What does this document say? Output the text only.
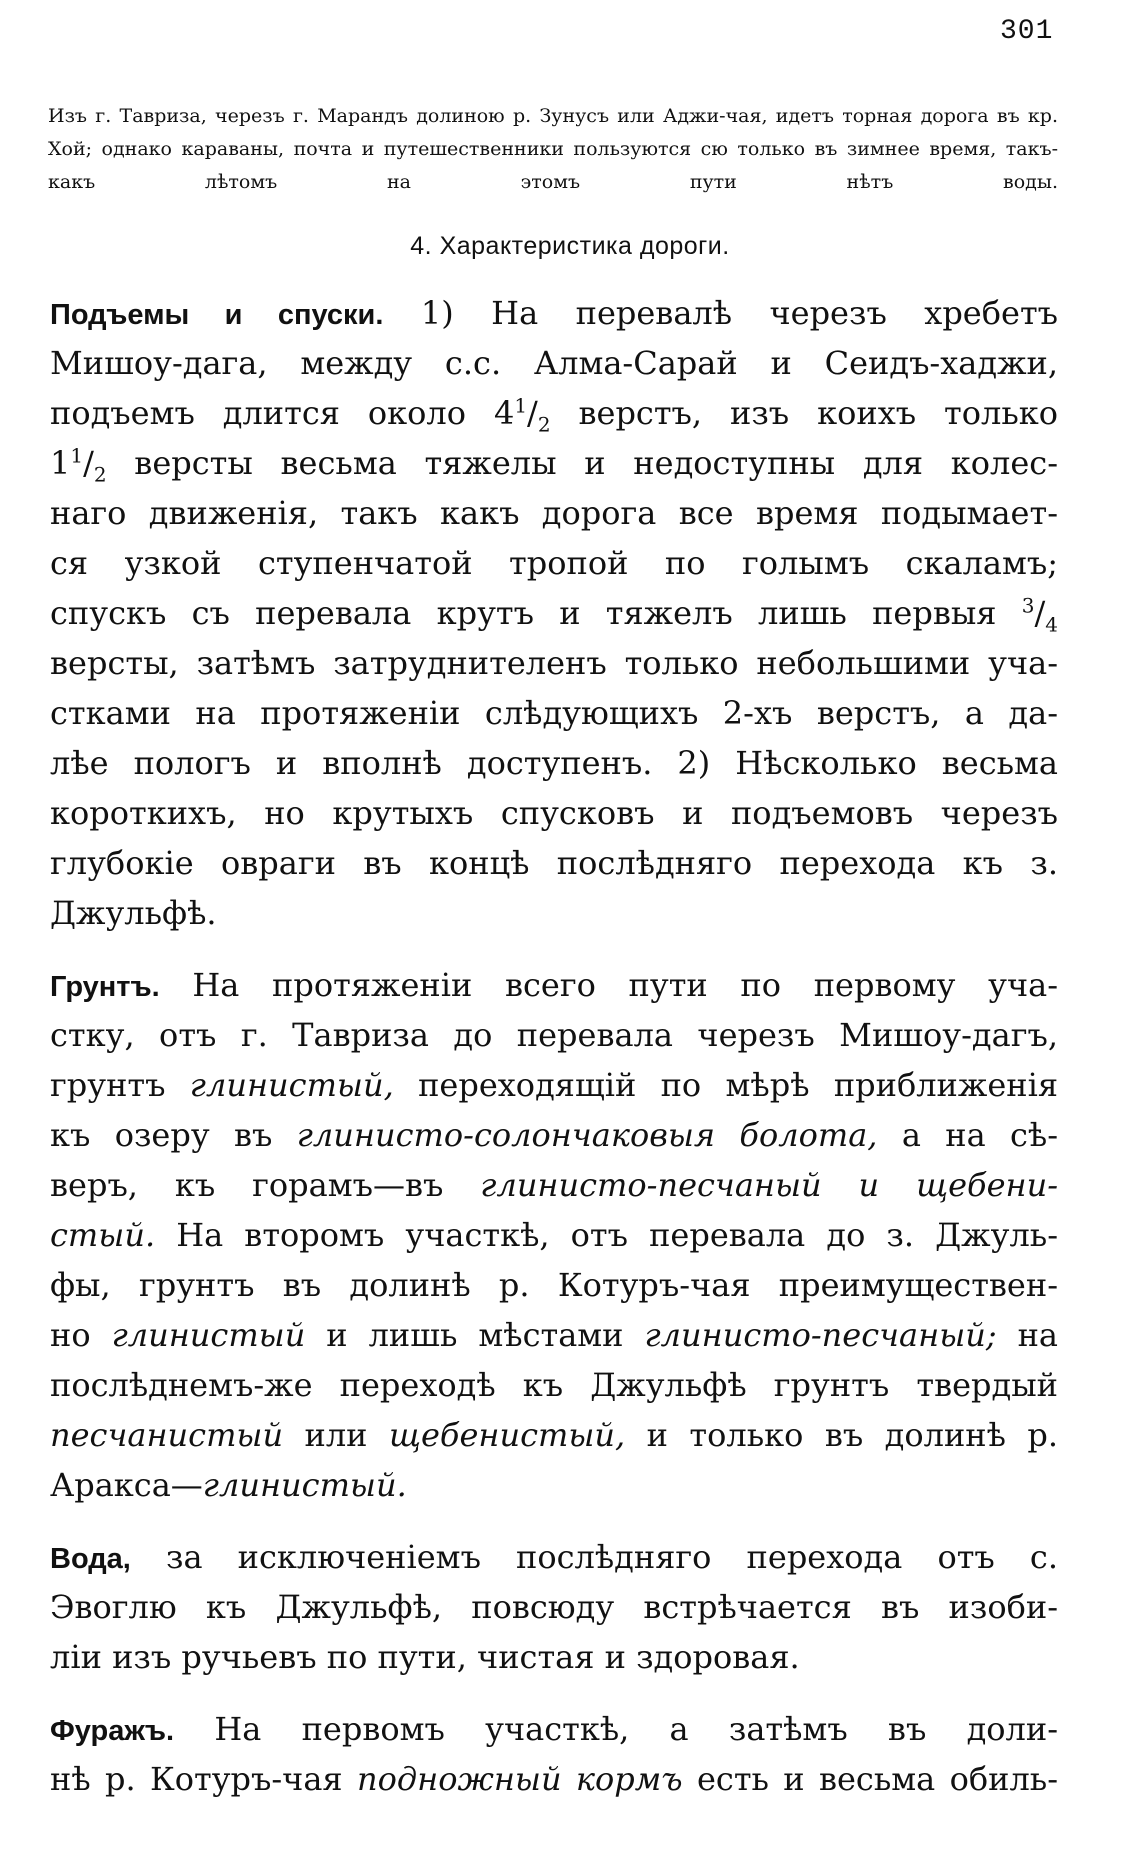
301

Изъ г. Тавриза, черезъ г. Марандъ долиною р. Зунусъ или Аджи-чая, идетъ торная дорога въ кр. Хой; однако караваны, почта и путешественники пользуются сю только въ зимнее время, такъ-какъ лѣтомъ на этомъ пути нѣтъ воды.

4. Характеристика дороги.
Подъемы и спуски. 1) На перевалѣ черезъ хребетъ
Мишоу-дага, между с.с. Алма-Сарай и Сеидъ-хаджи,
подъемъ длится около $4^1/_2$ верстъ, изъ коихъ только
$1^1/_2$ версты весьма тяжелы и недоступны для колес-
наго движенія, такъ какъ дорога все время подымает-
ся узкой ступенчатой тропой по голымъ скаламъ;
спускъ съ перевала крутъ и тяжелъ лишь первыя $^3/_4$
версты, затѣмъ затруднителенъ только небольшими уча-
стками на протяженіи слѣдующихъ 2-хъ верстъ, а да-
лѣе пологъ и вполнѣ доступенъ. 2) Нѣсколько весьма
короткихъ, но крутыхъ спусковъ и подъемовъ черезъ
глубокіе овраги въ концѣ послѣдняго перехода къ з.
Джульфѣ.
Грунтъ. На протяженіи всего пути по первому уча-
стку, отъ г. Тавриза до перевала черезъ Мишоу-дагъ,
грунтъ глинистый, переходящій по мѣрѣ приближенія
къ озеру въ глинисто-солончаковыя болота, а на сѣ-
веръ, къ горамъ—въ глинисто-песчаный и щебени-
стый. На второмъ участкѣ, отъ перевала до з. Джуль-
фы, грунтъ въ долинѣ р. Котуръ-чая преимуществен-
но глинистый и лишь мѣстами глинисто-песчаный; на
послѣднемъ-же переходѣ къ Джульфѣ грунтъ твердый
песчанистый или щебенистый, и только въ долинѣ р.
Аракса—глинистый.
Вода, за исключеніемъ послѣдняго перехода отъ с.
Эвоглю къ Джульфѣ, повсюду встрѣчается въ изоби-
ліи изъ ручьевъ по пути, чистая и здоровая.
Фуражъ. На первомъ участкѣ, а затѣмъ въ доли-
нѣ р. Котуръ-чая подножный кормъ есть и весьма обиль-
